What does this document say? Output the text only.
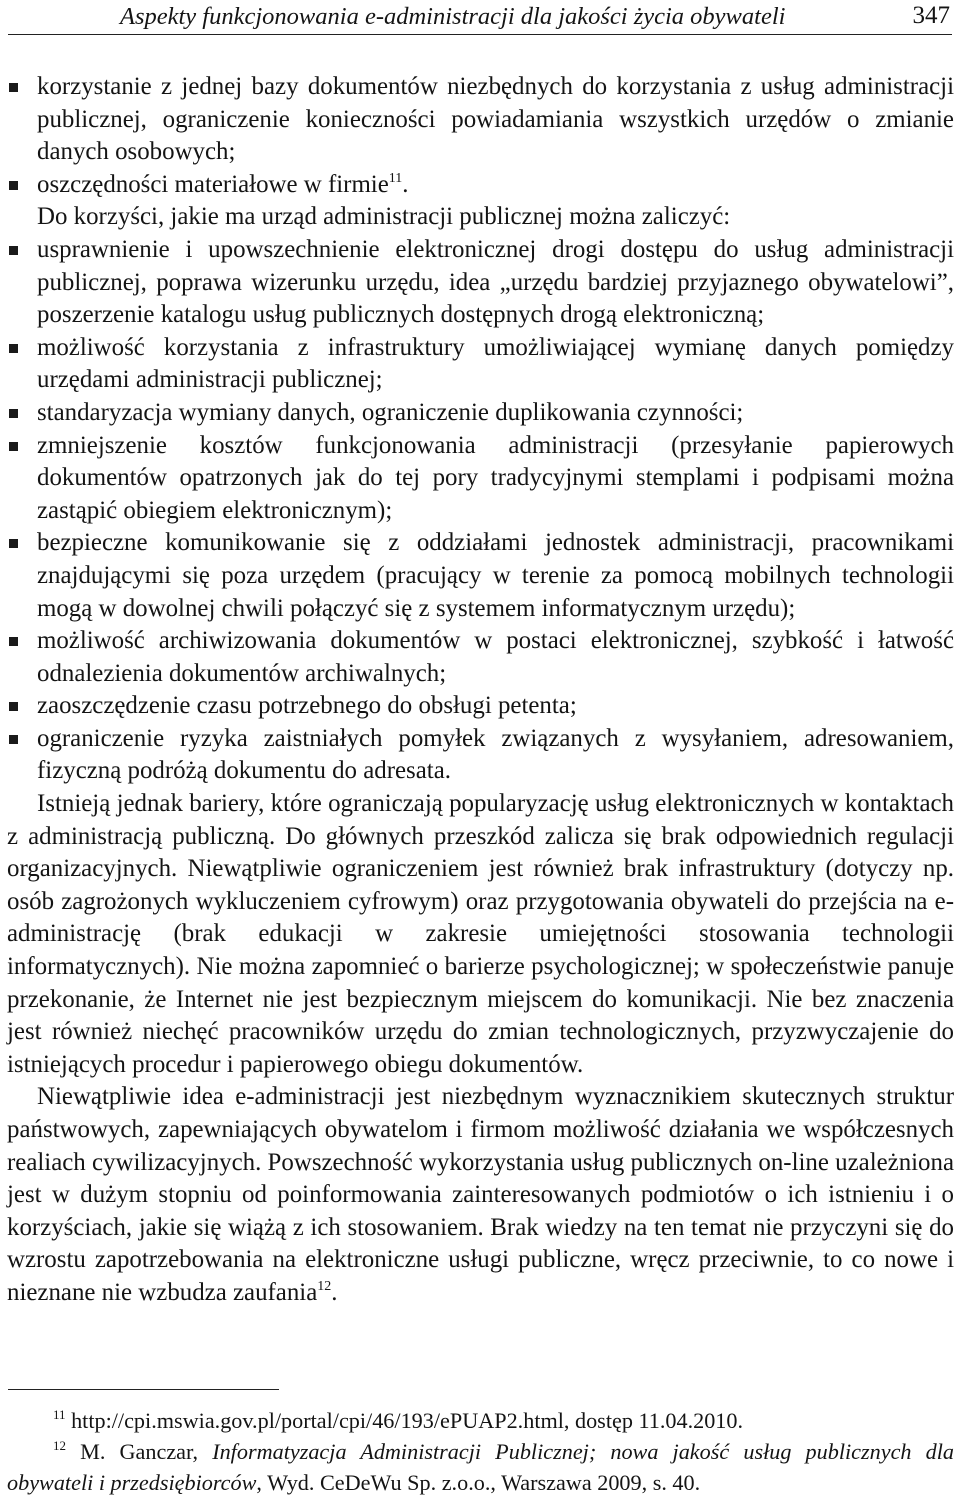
Aspekty funkcjonowania e-administracji dla jakości życia obywateli	347
korzystanie z jednej bazy dokumentów niezbędnych do korzystania z usług administracji publicznej, ograniczenie konieczności powiadamiania wszystkich urzędów o zmianie danych osobowych;
oszczędności materiałowe w firmie$^{11}$.

Do korzyści, jakie ma urząd administracji publicznej można zaliczyć:

usprawnienie i upowszechnienie elektronicznej drogi dostępu do usług administracji publicznej, poprawa wizerunku urzędu, idea „urzędu bardziej przyjaznego obywatelowi”, poszerzenie katalogu usług publicznych dostępnych drogą elektroniczną;
możliwość korzystania z infrastruktury umożliwiającej wymianę danych pomiędzy urzędami administracji publicznej;
standaryzacja wymiany danych, ograniczenie duplikowania czynności;
zmniejszenie kosztów funkcjonowania administracji (przesyłanie papierowych dokumentów opatrzonych jak do tej pory tradycyjnymi stemplami i podpisami można zastąpić obiegiem elektronicznym);
bezpieczne komunikowanie się z oddziałami jednostek administracji, pracownikami znajdującymi się poza urzędem (pracujący w terenie za pomocą mobilnych technologii mogą w dowolnej chwili połączyć się z systemem informatycznym urzędu);
możliwość archiwizowania dokumentów w postaci elektronicznej, szybkość i łatwość odnalezienia dokumentów archiwalnych;
zaoszczędzenie czasu potrzebnego do obsługi petenta;
ograniczenie ryzyka zaistniałych pomyłek związanych z wysyłaniem, adresowaniem, fizyczną podróżą dokumentu do adresata.

Istnieją jednak bariery, które ograniczają popularyzację usług elektronicznych w kontaktach z administracją publiczną. Do głównych przeszkód zalicza się brak odpowiednich regulacji organizacyjnych. Niewątpliwie ograniczeniem jest również brak infrastruktury (dotyczy np. osób zagrożonych wykluczeniem cyfrowym) oraz przygotowania obywateli do przejścia na e-administrację (brak edukacji w zakresie umiejętności stosowania technologii informatycznych). Nie można zapomnieć o barierze psychologicznej; w społeczeństwie panuje przekonanie, że Internet nie jest bezpiecznym miejscem do komunikacji. Nie bez znaczenia jest również niechęć pracowników urzędu do zmian technologicznych, przyzwyczajenie do istniejących procedur i papierowego obiegu dokumentów.

Niewątpliwie idea e-administracji jest niezbędnym wyznacznikiem skutecznych struktur państwowych, zapewniających obywatelom i firmom możliwość działania we współczesnych realiach cywilizacyjnych. Powszechność wykorzystania usług publicznych on-line uzależniona jest w dużym stopniu od poinformowania zainteresowanych podmiotów o ich istnieniu i o korzyściach, jakie się wiążą z ich stosowaniem. Brak wiedzy na ten temat nie przyczyni się do wzrostu zapotrzebowania na elektroniczne usługi publiczne, wręcz przeciwnie, to co nowe i nieznane nie wzbudza zaufania$^{12}$.

$^{11}$ http://cpi.mswia.gov.pl/portal/cpi/46/193/ePUAP2.html, dostęp 11.04.2010.

$^{12}$ M. Ganczar, Informatyzacja Administracji Publicznej; nowa jakość usług publicznych dla obywateli i przedsiębiorców, Wyd. CeDeWu Sp. z.o.o., Warszawa 2009, s. 40.
